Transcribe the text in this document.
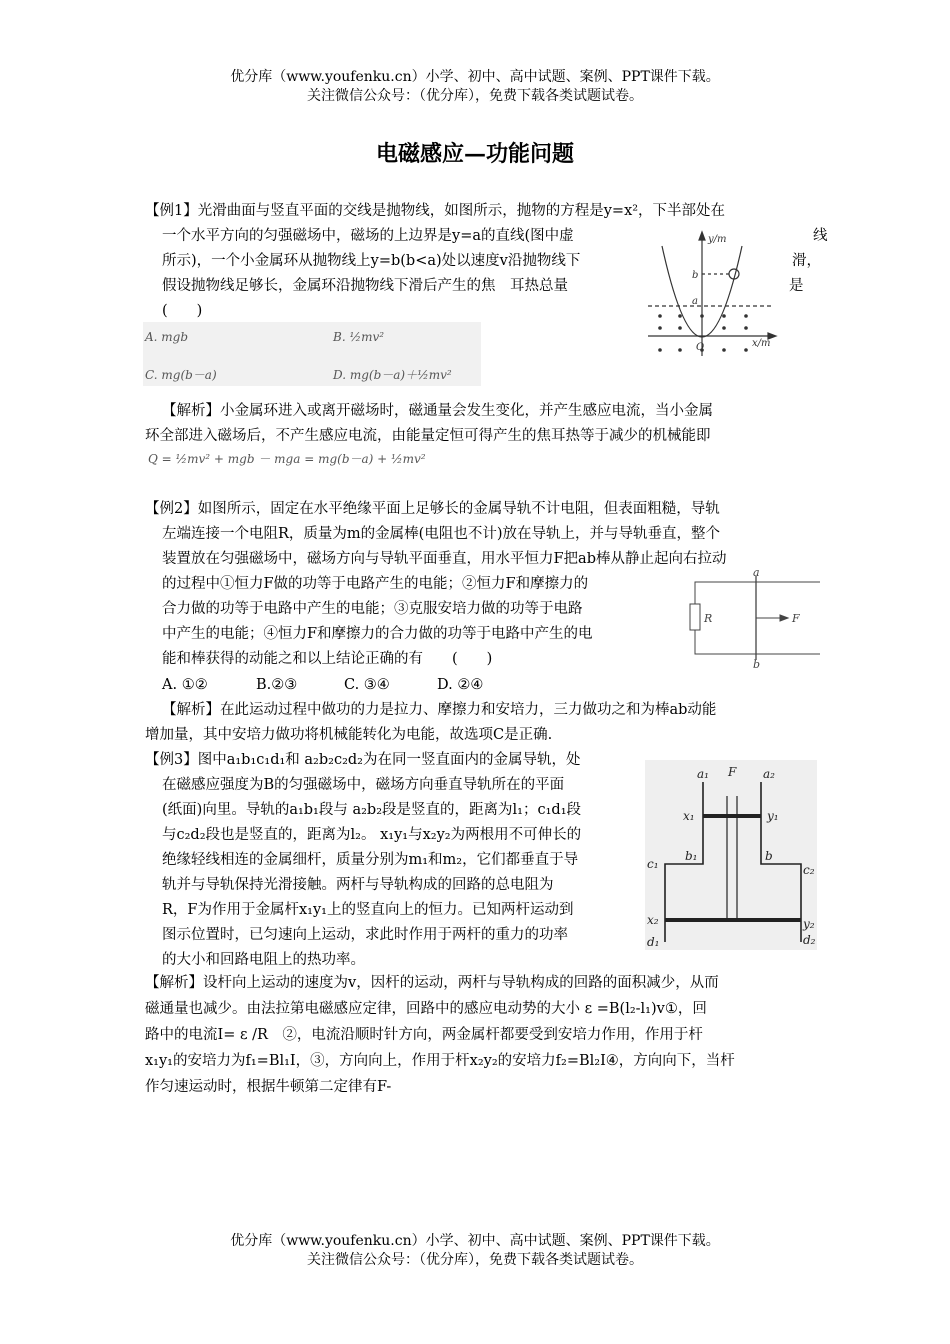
优分库（www.youfenku.cn）小学、初中、高中试题、案例、PPT课件下载。
关注微信公众号：（优分库），免费下载各类试题试卷。
电磁感应—功能问题
【例1】光滑曲面与竖直平面的交线是抛物线，如图所示，抛物的方程是y=x²，下半部处在
一个水平方向的匀强磁场中，磁场的上边界是y=a的直线(图中虚
所示)，一个小金属环从抛物线上y=b(b<a)处以速度v沿抛物线下
假设抛物线足够长，金属环沿抛物线下滑后产生的焦　耳热总量
(　　)
线
滑，
是
A. mgb	B. ½mv²
C. mg(b－a)	D. mg(b－a)＋½mv²
y/m
x/m
O
b
a
【解析】小金属环进入或离开磁场时，磁通量会发生变化，并产生感应电流，当小金属
环全部进入磁场后，不产生感应电流，由能量定恒可得产生的焦耳热等于减少的机械能即
Q = ½mv² + mgb － mga = mg(b－a) + ½mv²
【例2】如图所示，固定在水平绝缘平面上足够长的金属导轨不计电阻，但表面粗糙，导轨
左端连接一个电阻R，质量为m的金属棒(电阻也不计)放在导轨上，并与导轨垂直，整个
装置放在匀强磁场中，磁场方向与导轨平面垂直，用水平恒力F把ab棒从静止起向右拉动
的过程中①恒力F做的功等于电路产生的电能；②恒力F和摩擦力的
合力做的功等于电路中产生的电能；③克服安培力做的功等于电路
中产生的电能；④恒力F和摩擦力的合力做的功等于电路中产生的电
能和棒获得的动能之和以上结论正确的有　　(　　)
A. ①②	B.②③	C. ③④	D. ②④
a
b
R	F
【解析】在此运动过程中做功的力是拉力、摩擦力和安培力，三力做功之和为棒ab动能
增加量，其中安培力做功将机械能转化为电能，故选项C是正确.
【例3】图中a₁b₁c₁d₁和 a₂b₂c₂d₂为在同一竖直面内的金属导轨，处
在磁感应强度为B的匀强磁场中，磁场方向垂直导轨所在的平面
(纸面)向里。导轨的a₁b₁段与 a₂b₂段是竖直的，距离为l₁；c₁d₁段
与c₂d₂段也是竖直的，距离为l₂。 x₁y₁与x₂y₂为两根用不可伸长的
绝缘轻线相连的金属细杆，质量分别为m₁和m₂，它们都垂直于导
轨并与导轨保持光滑接触。两杆与导轨构成的回路的总电阻为
R，F为作用于金属杆x₁y₁上的竖直向上的恒力。已知两杆运动到
图示位置时，已匀速向上运动，求此时作用于两杆的重力的功率
的大小和回路电阻上的热功率。
a₁ F a₂
x₁	y₁
b₁	b
c₁	c₂
x₂	y₂
d₁	d₂
【解析】设杆向上运动的速度为v，因杆的运动，两杆与导轨构成的回路的面积减少，从而
磁通量也减少。由法拉第电磁感应定律，回路中的感应电动势的大小 ε =B(l₂-l₁)v①，回
路中的电流I= ε /R　②，电流沿顺时针方向，两金属杆都要受到安培力作用，作用于杆
x₁y₁的安培力为f₁=Bl₁I，③，方向向上，作用于杆x₂y₂的安培力f₂=Bl₂I④，方向向下，当杆
作匀速运动时，根据牛顿第二定律有F-
优分库（www.youfenku.cn）小学、初中、高中试题、案例、PPT课件下载。
关注微信公众号：（优分库），免费下载各类试题试卷。
